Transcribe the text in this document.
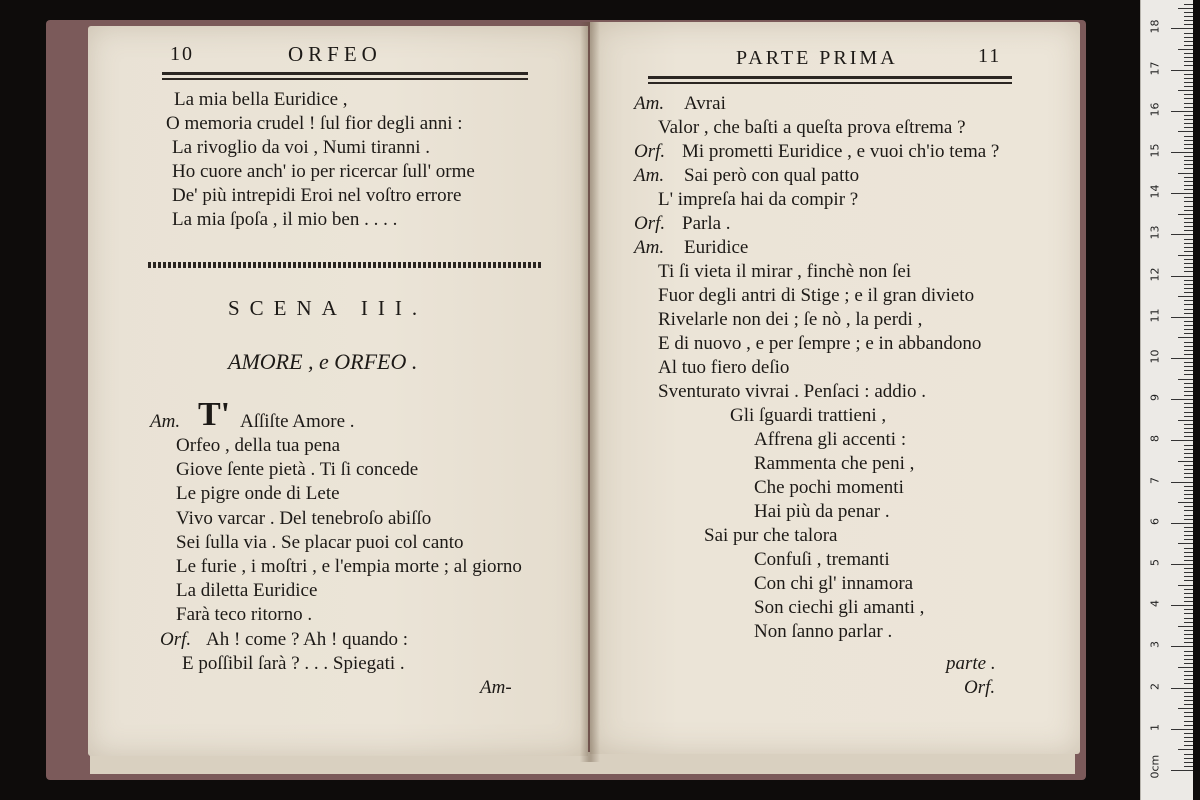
10	ORFEO
La mia bella Euridice ,
O memoria crudel ! ſul fior degli anni :
La rivoglio da voi , Numi tiranni .
Ho cuore anch' io per ricercar ſull' orme
De' più intrepidi Eroi nel voſtro errore
La mia ſpoſa , il mio ben . . . .
SCENA III.
AMORE , e ORFEO .
Am. T' Aſſiſte Amore .
Orfeo , della tua pena
Giove ſente pietà . Ti ſi concede
Le pigre onde di Lete
Vivo varcar . Del tenebroſo abiſſo
Sei ſulla via . Se placar puoi col canto
Le furie , i moſtri , e l'empia morte ; al giorno
La diletta Euridice
Farà teco ritorno .
Orf. Ah ! come ? Ah ! quando :
E poſſibil ſarà ? . . . Spiegati .
Am-
PARTE PRIMA	11
Am. Avrai
Valor , che baſti a queſta prova eſtrema ?
Orf. Mi prometti Euridice , e vuoi ch'io tema ?
Am. Sai però con qual patto
L' impreſa hai da compir ?
Orf. Parla .
Am. Euridice
Ti ſi vieta il mirar , finchè non ſei
Fuor degli antri di Stige ; e il gran divieto
Rivelarle non dei ; ſe nò , la perdi ,
E di nuovo , e per ſempre ; e in abbandono
Al tuo fiero deſio
Sventurato vivrai . Penſaci : addio .
Gli ſguardi trattieni ,
Affrena gli accenti :
Rammenta che peni ,
Che pochi momenti
Hai più da penar .
Sai pur che talora
Confuſi , tremanti
Con chi gl' innamora
Son ciechi gli amanti ,
Non ſanno parlar .
parte .
Orf.
0cm
1
2
3
4
5
6
7
8
9
10
11
12
13
14
15
16
17
18
